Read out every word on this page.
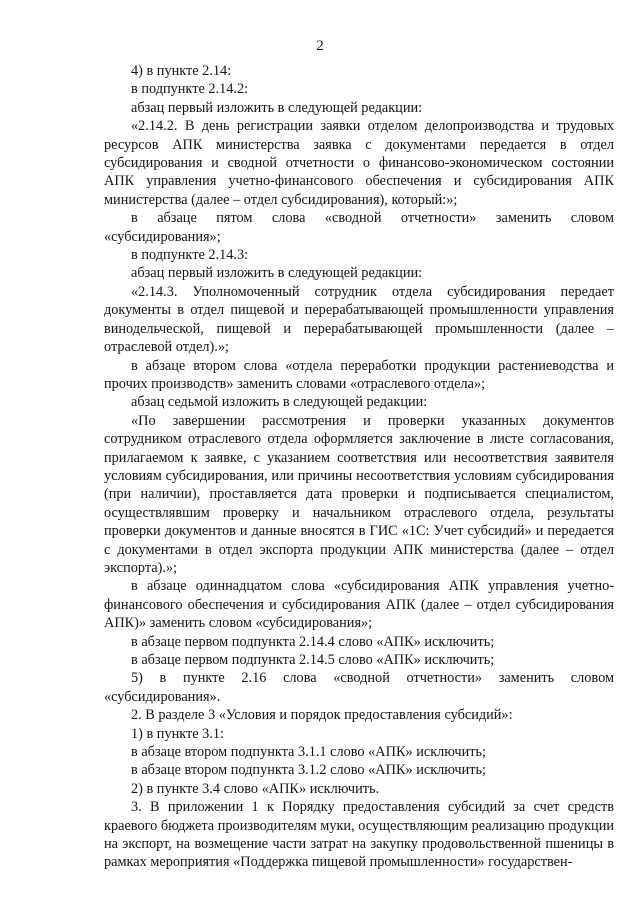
2

4) в пункте 2.14:

в подпункте 2.14.2:

абзац первый изложить в следующей редакции:

«2.14.2. В день регистрации заявки отделом делопроизводства и трудовых ресурсов АПК министерства заявка с документами передается в отдел субсидирования и сводной отчетности о финансово-экономическом состоянии АПК управления учетно-финансового обеспечения и субсидирования АПК министерства (далее – отдел субсидирования), который:»;

в абзаце пятом слова «сводной отчетности» заменить словом «субсидирования»;

в подпункте 2.14.3:

абзац первый изложить в следующей редакции:

«2.14.3. Уполномоченный сотрудник отдела субсидирования передает документы в отдел пищевой и перерабатывающей промышленности управления винодельческой, пищевой и перерабатывающей промышленности (далее – отраслевой отдел).»;

в абзаце втором слова «отдела переработки продукции растениеводства и прочих производств» заменить словами «отраслевого отдела»;

абзац седьмой изложить в следующей редакции:

«По завершении рассмотрения и проверки указанных документов сотрудником отраслевого отдела оформляется заключение в листе согласования, прилагаемом к заявке, с указанием соответствия или несоответствия заявителя условиям субсидирования, или причины несоответствия условиям субсидирования (при наличии), проставляется дата проверки и подписывается специалистом, осуществлявшим проверку и начальником отраслевого отдела, результаты проверки документов и данные вносятся в ГИС «1С: Учет субсидий» и передается с документами в отдел экспорта продукции АПК министерства (далее – отдел экспорта).»;

в абзаце одиннадцатом слова «субсидирования АПК управления учетно-финансового обеспечения и субсидирования АПК (далее – отдел субсидирования АПК)» заменить словом «субсидирования»;

в абзаце первом подпункта 2.14.4 слово «АПК» исключить;

в абзаце первом подпункта 2.14.5 слово «АПК» исключить;

5) в пункте 2.16 слова «сводной отчетности» заменить словом «субсидирования».

2. В разделе 3 «Условия и порядок предоставления субсидий»:

1) в пункте 3.1:

в абзаце втором подпункта 3.1.1 слово «АПК» исключить;

в абзаце втором подпункта 3.1.2 слово «АПК» исключить;

2) в пункте 3.4 слово «АПК» исключить.

3. В приложении 1 к Порядку предоставления субсидий за счет средств краевого бюджета производителям муки, осуществляющим реализацию продукции на экспорт, на возмещение части затрат на закупку продовольственной пшеницы в рамках мероприятия «Поддержка пищевой промышленности» государствен-
